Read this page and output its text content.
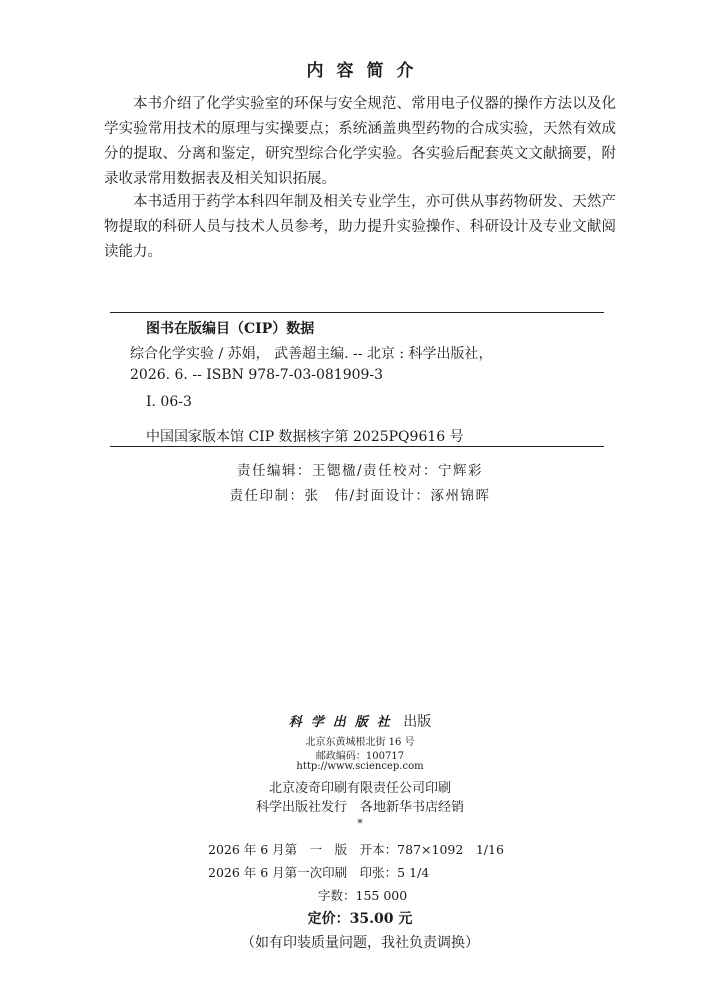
内容简介

本书介绍了化学实验室的环保与安全规范、常用电子仪器的操作方法以及化学实验常用技术的原理与实操要点；系统涵盖典型药物的合成实验，天然有效成分的提取、分离和鉴定，研究型综合化学实验。各实验后配套英文文献摘要，附录收录常用数据表及相关知识拓展。

本书适用于药学本科四年制及相关专业学生，亦可供从事药物研发、天然产物提取的科研人员与技术人员参考，助力提升实验操作、科研设计及专业文献阅读能力。

图书在版编目（CIP）数据
综合化学实验 / 苏娟， 武善超主编. -- 北京 : 科学出版社，
2026. 6. -- ISBN 978-7-03-081909-3
Ⅰ. 06-3
中国国家版本馆 CIP 数据核字第 2025PQ9616 号
责任编辑：王锶楹/责任校对：宁辉彩
责任印制：张　伟/封面设计：涿州锦晖
科学出版社 出版
北京东黄城根北街 16 号
邮政编码：100717
http://www.sciencep.com
北京凌奇印刷有限责任公司印刷
科学出版社发行　各地新华书店经销
*
2026 年 6 月第　一　版　开本：787×1092　1/16
2026 年 6 月第一次印刷　印张：5 1/4
字数：155 000
定价：35.00 元
（如有印装质量问题，我社负责调换）
